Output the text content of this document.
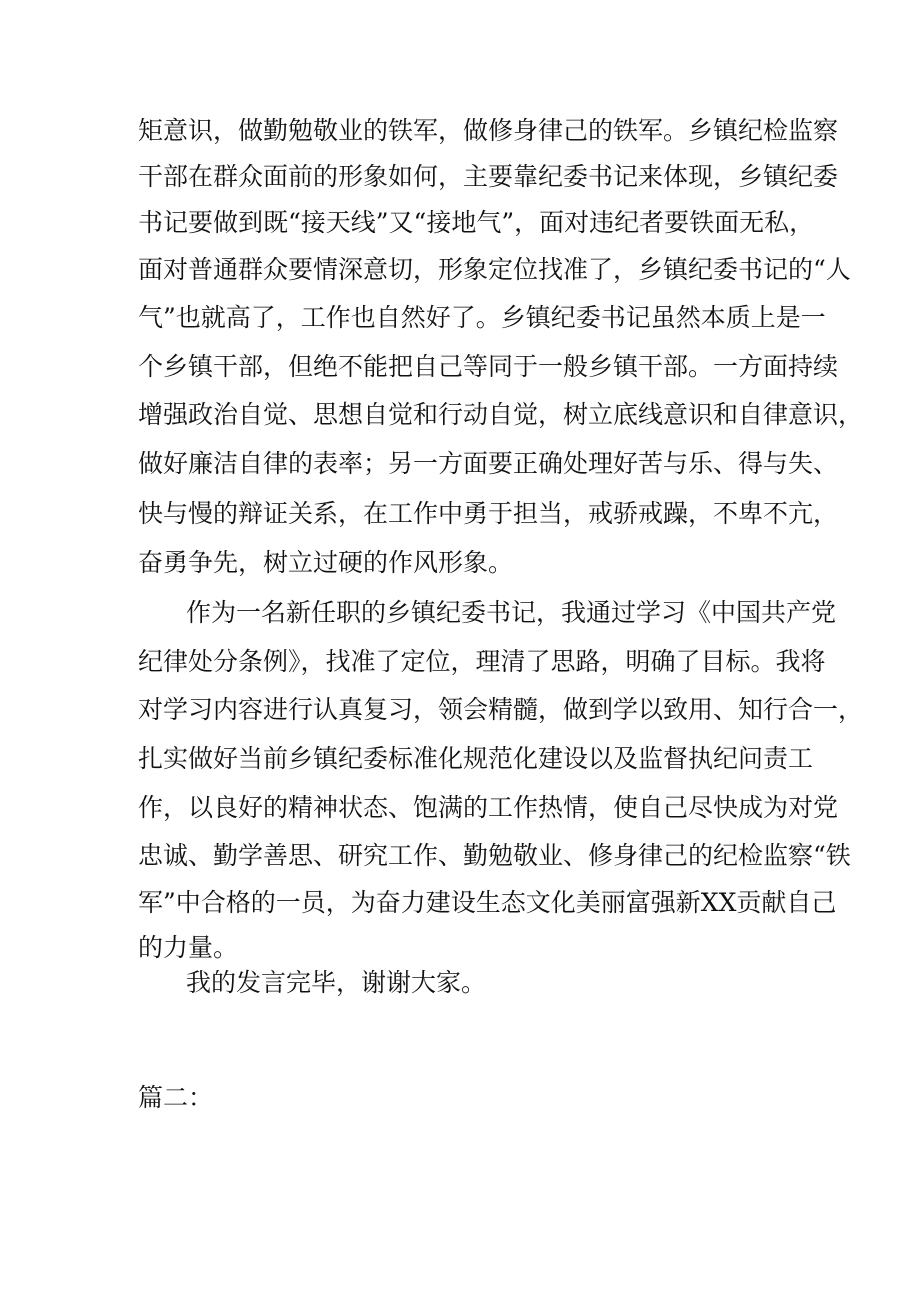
矩意识，做勤勉敬业的铁军，做修身律己的铁军。乡镇纪检监察
干部在群众面前的形象如何，主要靠纪委书记来体现，乡镇纪委
书记要做到既“接天线”又“接地气”，面对违纪者要铁面无私，
面对普通群众要情深意切，形象定位找准了，乡镇纪委书记的“人
气”也就高了，工作也自然好了。乡镇纪委书记虽然本质上是一
个乡镇干部，但绝不能把自己等同于一般乡镇干部。一方面持续
增强政治自觉、思想自觉和行动自觉，树立底线意识和自律意识，
做好廉洁自律的表率；另一方面要正确处理好苦与乐、得与失、
快与慢的辩证关系，在工作中勇于担当，戒骄戒躁，不卑不亢，
奋勇争先，树立过硬的作风形象。
作为一名新任职的乡镇纪委书记，我通过学习《中国共产党
纪律处分条例》，找准了定位，理清了思路，明确了目标。我将
对学习内容进行认真复习，领会精髓，做到学以致用、知行合一，
扎实做好当前乡镇纪委标准化规范化建设以及监督执纪问责工
作，以良好的精神状态、饱满的工作热情，使自己尽快成为对党
忠诚、勤学善思、研究工作、勤勉敬业、修身律己的纪检监察“铁
军”中合格的一员，为奋力建设生态文化美丽富强新XX贡献自己
的力量。
我的发言完毕，谢谢大家。
篇二：
